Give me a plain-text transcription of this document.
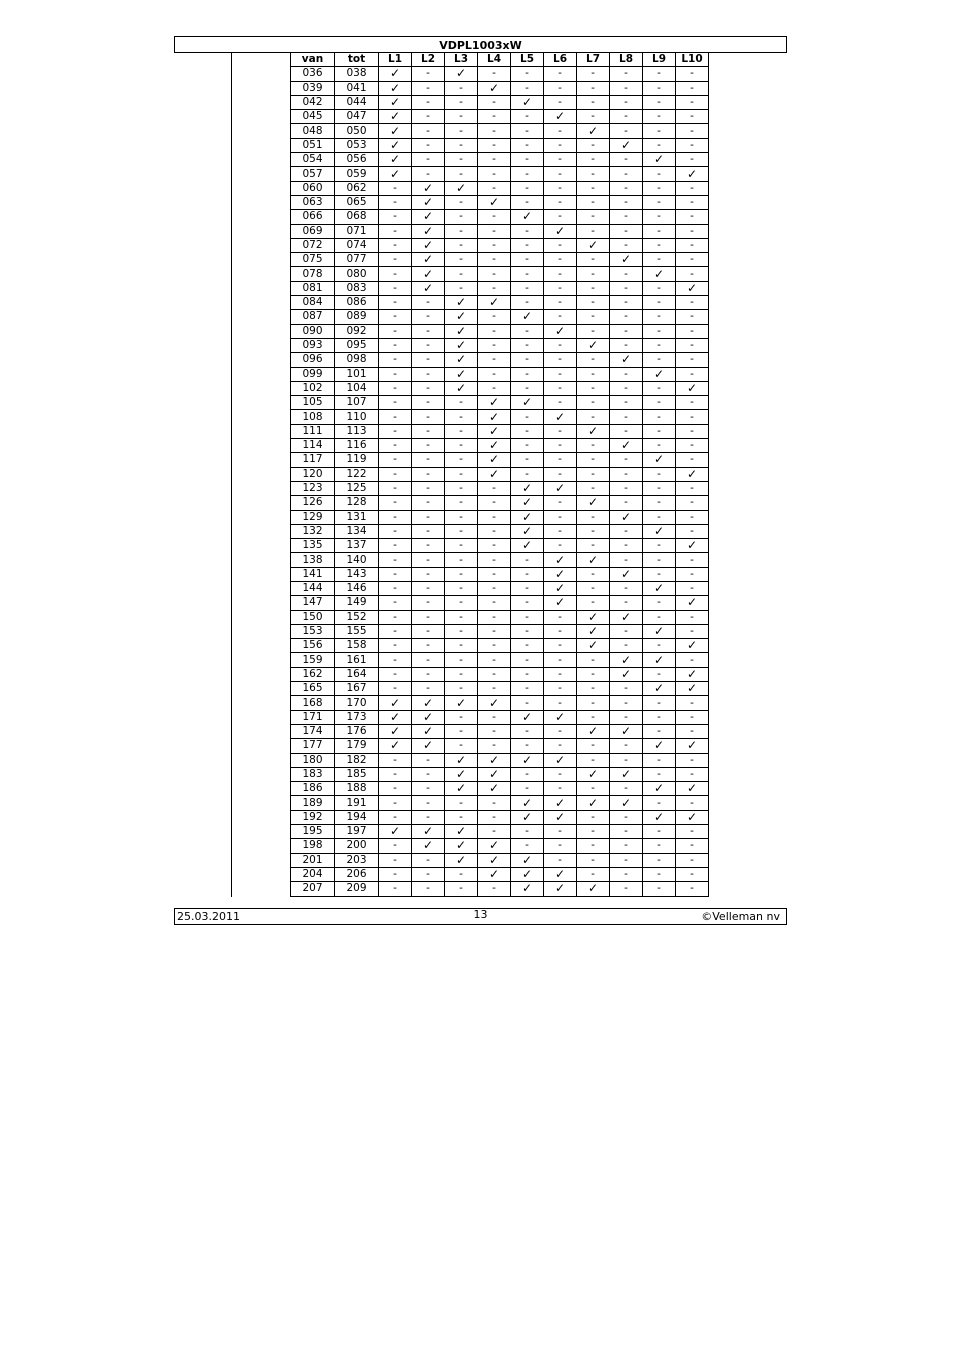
VDPL1003xW
van	tot	L1	L2	L3	L4	L5	L6	L7	L8	L9	L10
036	038	✓	-	✓	-	-	-	-	-	-	-
039	041	✓	-	-	✓	-	-	-	-	-	-
042	044	✓	-	-	-	✓	-	-	-	-	-
045	047	✓	-	-	-	-	✓	-	-	-	-
048	050	✓	-	-	-	-	-	✓	-	-	-
051	053	✓	-	-	-	-	-	-	✓	-	-
054	056	✓	-	-	-	-	-	-	-	✓	-
057	059	✓	-	-	-	-	-	-	-	-	✓
060	062	-	✓	✓	-	-	-	-	-	-	-
063	065	-	✓	-	✓	-	-	-	-	-	-
066	068	-	✓	-	-	✓	-	-	-	-	-
069	071	-	✓	-	-	-	✓	-	-	-	-
072	074	-	✓	-	-	-	-	✓	-	-	-
075	077	-	✓	-	-	-	-	-	✓	-	-
078	080	-	✓	-	-	-	-	-	-	✓	-
081	083	-	✓	-	-	-	-	-	-	-	✓
084	086	-	-	✓	✓	-	-	-	-	-	-
087	089	-	-	✓	-	✓	-	-	-	-	-
090	092	-	-	✓	-	-	✓	-	-	-	-
093	095	-	-	✓	-	-	-	✓	-	-	-
096	098	-	-	✓	-	-	-	-	✓	-	-
099	101	-	-	✓	-	-	-	-	-	✓	-
102	104	-	-	✓	-	-	-	-	-	-	✓
105	107	-	-	-	✓	✓	-	-	-	-	-
108	110	-	-	-	✓	-	✓	-	-	-	-
111	113	-	-	-	✓	-	-	✓	-	-	-
114	116	-	-	-	✓	-	-	-	✓	-	-
117	119	-	-	-	✓	-	-	-	-	✓	-
120	122	-	-	-	✓	-	-	-	-	-	✓
123	125	-	-	-	-	✓	✓	-	-	-	-
126	128	-	-	-	-	✓	-	✓	-	-	-
129	131	-	-	-	-	✓	-	-	✓	-	-
132	134	-	-	-	-	✓	-	-	-	✓	-
135	137	-	-	-	-	✓	-	-	-	-	✓
138	140	-	-	-	-	-	✓	✓	-	-	-
141	143	-	-	-	-	-	✓	-	✓	-	-
144	146	-	-	-	-	-	✓	-	-	✓	-
147	149	-	-	-	-	-	✓	-	-	-	✓
150	152	-	-	-	-	-	-	✓	✓	-	-
153	155	-	-	-	-	-	-	✓	-	✓	-
156	158	-	-	-	-	-	-	✓	-	-	✓
159	161	-	-	-	-	-	-	-	✓	✓	-
162	164	-	-	-	-	-	-	-	✓	-	✓
165	167	-	-	-	-	-	-	-	-	✓	✓
168	170	✓	✓	✓	✓	-	-	-	-	-	-
171	173	✓	✓	-	-	✓	✓	-	-	-	-
174	176	✓	✓	-	-	-	-	✓	✓	-	-
177	179	✓	✓	-	-	-	-	-	-	✓	✓
180	182	-	-	✓	✓	✓	✓	-	-	-	-
183	185	-	-	✓	✓	-	-	✓	✓	-	-
186	188	-	-	✓	✓	-	-	-	-	✓	✓
189	191	-	-	-	-	✓	✓	✓	✓	-	-
192	194	-	-	-	-	✓	✓	-	-	✓	✓
195	197	✓	✓	✓	-	-	-	-	-	-	-
198	200	-	✓	✓	✓	-	-	-	-	-	-
201	203	-	-	✓	✓	✓	-	-	-	-	-
204	206	-	-	-	✓	✓	✓	-	-	-	-
207	209	-	-	-	-	✓	✓	✓	-	-	-
25.03.2011	13	©Velleman nv
